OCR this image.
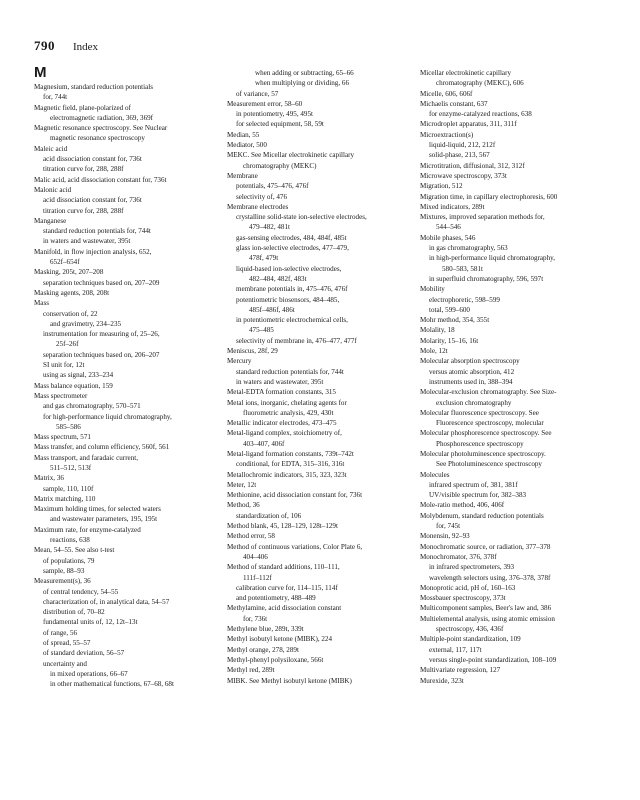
790 Index
M
Magnesium, standard reduction potentials
for, 744t
Magnetic field, plane-polarized of
electromagnetic radiation, 369, 369f
Magnetic resonance spectroscopy. See Nuclear
magnetic resonance spectroscopy
Maleic acid
acid dissociation constant for, 736t
titration curve for, 288, 288f
Malic acid, acid dissociation constant for, 736t
Malonic acid
acid dissociation constant for, 736t
titration curve for, 288, 288f
Manganese
standard reduction potentials for, 744t
in waters and wastewater, 395t
Manifold, in flow injection analysis, 652,
652f–654f
Masking, 205t, 207–208
separation techniques based on, 207–209
Masking agents, 208, 208t
Mass
conservation of, 22
and gravimetry, 234–235
instrumentation for measuring of, 25–26,
25f–26f
separation techniques based on, 206–207
SI unit for, 12t
using as signal, 233–234
Mass balance equation, 159
Mass spectrometer
and gas chromatography, 570–571
for high-performance liquid chromatography,
585–586
Mass spectrum, 571
Mass transfer, and column efficiency, 560f, 561
Mass transport, and faradaic current,
511–512, 513f
Matrix, 36
sample, 110, 110f
Matrix matching, 110
Maximum holding times, for selected waters
and wastewater parameters, 195, 195t
Maximum rate, for enzyme-catalyzed
reactions, 638
Mean, 54–55. See also t-test
of populations, 79
sample, 88–93
Measurement(s), 36
of central tendency, 54–55
characterization of, in analytical data, 54–57
distribution of, 70–82
fundamental units of, 12, 12t–13t
of range, 56
of spread, 55–57
of standard deviation, 56–57
uncertainty and
in mixed operations, 66–67
in other mathematical functions, 67–68, 68t
when adding or subtracting, 65–66
when multiplying or dividing, 66
of variance, 57
Measurement error, 58–60
in potentiometry, 495, 495t
for selected equipment, 58, 59t
Median, 55
Mediator, 500
MEKC. See Micellar electrokinetic capillary
chromatography (MEKC)
Membrane
potentials, 475–476, 476f
selectivity of, 476
Membrane electrodes
crystalline solid-state ion-selective electrodes,
479–482, 481t
gas-sensing electrodes, 484, 484f, 485t
glass ion-selective electrodes, 477–479,
478f, 479t
liquid-based ion-selective electrodes,
482–484, 482f, 483t
membrane potentials in, 475–476, 476f
potentiometric biosensors, 484–485,
485f–486f, 486t
in potentiometric electrochemical cells,
475–485
selectivity of membrane in, 476–477, 477f
Meniscus, 28f, 29
Mercury
standard reduction potentials for, 744t
in waters and wastewater, 395t
Metal-EDTA formation constants, 315
Metal ions, inorganic, chelating agents for
fluorometric analysis, 429, 430t
Metallic indicator electrodes, 473–475
Metal-ligand complex, stoichiometry of,
403–407, 406f
Metal-ligand formation constants, 739t–742t
conditional, for EDTA, 315–316, 316t
Metallochromic indicators, 315, 323, 323t
Meter, 12t
Methionine, acid dissociation constant for, 736t
Method, 36
standardization of, 106
Method blank, 45, 128–129, 128t–129t
Method error, 58
Method of continuous variations, Color Plate 6,
404–406
Method of standard additions, 110–111,
111f–112f
calibration curve for, 114–115, 114f
and potentiometry, 488–489
Methylamine, acid dissociation constant
for, 736t
Methylene blue, 289t, 339t
Methyl isobutyl ketone (MIBK), 224
Methyl orange, 278, 289t
Methyl-phenyl polysiloxane, 566t
Methyl red, 289t
MIBK. See Methyl isobutyl ketone (MIBK)
Micellar electrokinetic capillary
chromatography (MEKC), 606
Micelle, 606, 606f
Michaelis constant, 637
for enzyme-catalyzed reactions, 638
Microdroplet apparatus, 311, 311f
Microextraction(s)
liquid-liquid, 212, 212f
solid-phase, 213, 567
Microtitration, diffusional, 312, 312f
Microwave spectroscopy, 373t
Migration, 512
Migration time, in capillary electrophoresis, 600
Mixed indicators, 289t
Mixtures, improved separation methods for,
544–546
Mobile phases, 546
in gas chromatography, 563
in high-performance liquid chromatography,
580–583, 581t
in superfluid chromatography, 596, 597t
Mobility
electrophoretic, 598–599
total, 599–600
Mohr method, 354, 355t
Molality, 18
Molarity, 15–16, 16t
Mole, 12t
Molecular absorption spectroscopy
versus atomic absorption, 412
instruments used in, 388–394
Molecular-exclusion chromatography. See Size-
exclusion chromatography
Molecular fluorescence spectroscopy. See
Fluorescence spectroscopy, molecular
Molecular phosphorescence spectroscopy. See
Phosphorescence spectroscopy
Molecular photoluminescence spectroscopy.
See Photoluminescence spectroscopy
Molecules
infrared spectrum of, 381, 381f
UV/visible spectrum for, 382–383
Mole-ratio method, 406, 406f
Molybdenum, standard reduction potentials
for, 745t
Monensin, 92–93
Monochromatic source, or radiation, 377–378
Monochromator, 376, 378f
in infrared spectrometers, 393
wavelength selectors using, 376–378, 378f
Monoprotic acid, pH of, 160–163
Mossbauer spectroscopy, 373t
Multicomponent samples, Beer's law and, 386
Multielemental analysis, using atomic emission
spectroscopy, 436, 436f
Multiple-point standardization, 109
external, 117, 117t
versus single-point standardization, 108–109
Multivariate regression, 127
Murexide, 323t
